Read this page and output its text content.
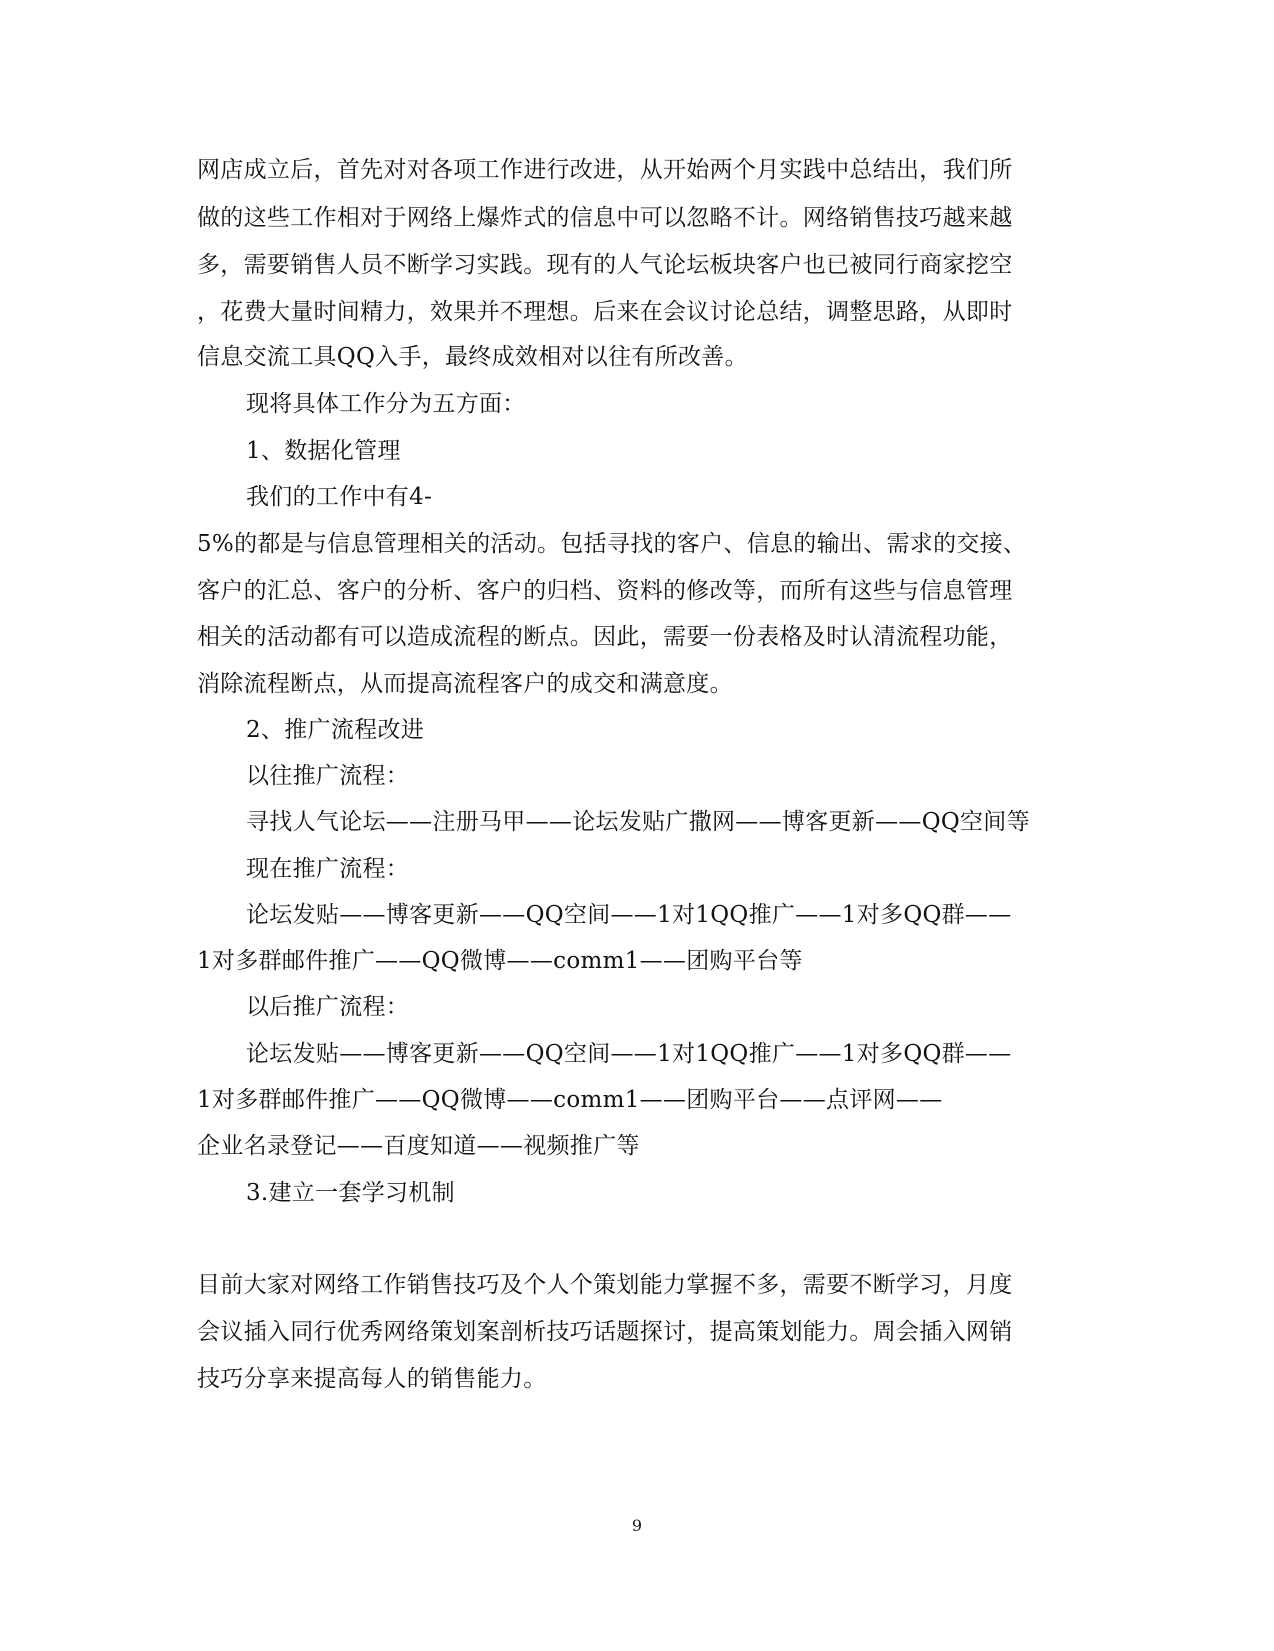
网店成立后，首先对对各项工作进行改进，从开始两个月实践中总结出，我们所
做的这些工作相对于网络上爆炸式的信息中可以忽略不计。网络销售技巧越来越
多，需要销售人员不断学习实践。现有的人气论坛板块客户也已被同行商家挖空
，花费大量时间精力，效果并不理想。后来在会议讨论总结，调整思路，从即时
信息交流工具QQ入手，最终成效相对以往有所改善。
现将具体工作分为五方面：
1、数据化管理
我们的工作中有4-
5%的都是与信息管理相关的活动。包括寻找的客户、信息的输出、需求的交接、
客户的汇总、客户的分析、客户的归档、资料的修改等，而所有这些与信息管理
相关的活动都有可以造成流程的断点。因此，需要一份表格及时认清流程功能，
消除流程断点，从而提高流程客户的成交和满意度。
2、推广流程改进
以往推广流程：
寻找人气论坛——注册马甲——论坛发贴广撒网——博客更新——QQ空间等
现在推广流程：
论坛发贴——博客更新——QQ空间——1对1QQ推广——1对多QQ群——
1对多群邮件推广——QQ微博——comm1——团购平台等
以后推广流程：
论坛发贴——博客更新——QQ空间——1对1QQ推广——1对多QQ群——
1对多群邮件推广——QQ微博——comm1——团购平台——点评网——
企业名录登记——百度知道——视频推广等
3.建立一套学习机制
目前大家对网络工作销售技巧及个人个策划能力掌握不多，需要不断学习，月度
会议插入同行优秀网络策划案剖析技巧话题探讨，提高策划能力。周会插入网销
技巧分享来提高每人的销售能力。
9
